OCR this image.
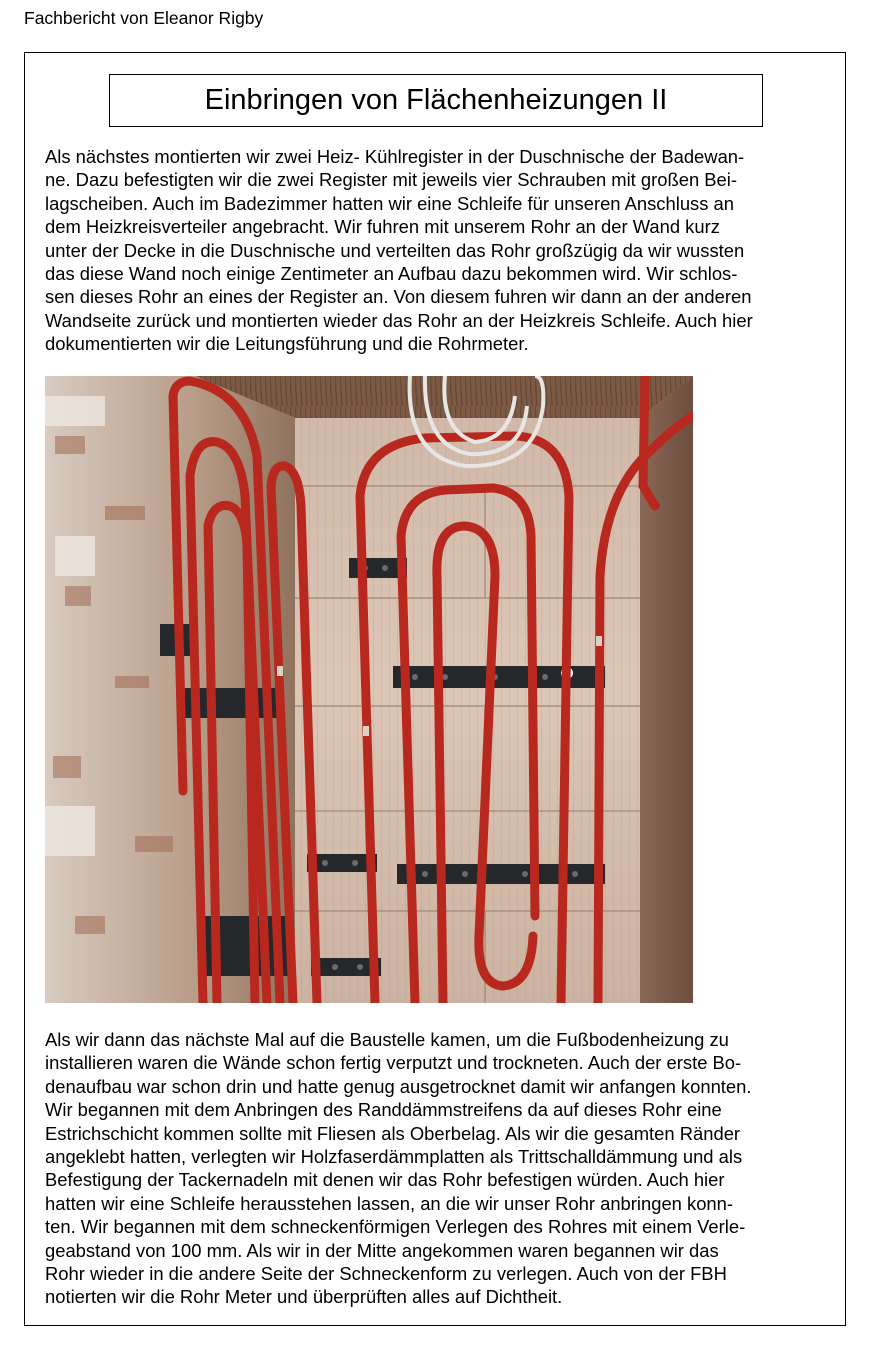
Fachbericht von Eleanor Rigby
Einbringen von Flächenheizungen II

Als nächstes montierten wir zwei Heiz- Kühlregister in der Duschnische der Badewan-
ne. Dazu befestigten wir die zwei Register mit jeweils vier Schrauben mit großen Bei-
lagscheiben. Auch im Badezimmer hatten wir eine Schleife für unseren Anschluss an
dem Heizkreisverteiler angebracht. Wir fuhren mit unserem Rohr an der Wand kurz
unter der Decke in die Duschnische und verteilten das Rohr großzügig da wir wussten
das diese Wand noch einige Zentimeter an Aufbau dazu bekommen wird. Wir schlos-
sen dieses Rohr an eines der Register an. Von diesem fuhren wir dann an der anderen
Wandseite zurück und montierten wieder das Rohr an der Heizkreis Schleife. Auch hier
dokumentierten wir die Leitungsführung und die Rohrmeter.

Als wir dann das nächste Mal auf die Baustelle kamen, um die Fußbodenheizung zu
installieren waren die Wände schon fertig verputzt und trockneten. Auch der erste Bo-
denaufbau war schon drin und hatte genug ausgetrocknet damit wir anfangen konnten.
Wir begannen mit dem Anbringen des Randdämmstreifens da auf dieses Rohr eine
Estrichschicht kommen sollte mit Fliesen als Oberbelag. Als wir die gesamten Ränder
angeklebt hatten, verlegten wir Holzfaserdämmplatten als Trittschalldämmung und als
Befestigung der Tackernadeln mit denen wir das Rohr befestigen würden. Auch hier
hatten wir eine Schleife herausstehen lassen, an die wir unser Rohr anbringen konn-
ten. Wir begannen mit dem schneckenförmigen Verlegen des Rohres mit einem Verle-
geabstand von 100 mm. Als wir in der Mitte angekommen waren begannen wir das
Rohr wieder in die andere Seite der Schneckenform zu verlegen. Auch von der FBH
notierten wir die Rohr Meter und überprüften alles auf Dichtheit.
